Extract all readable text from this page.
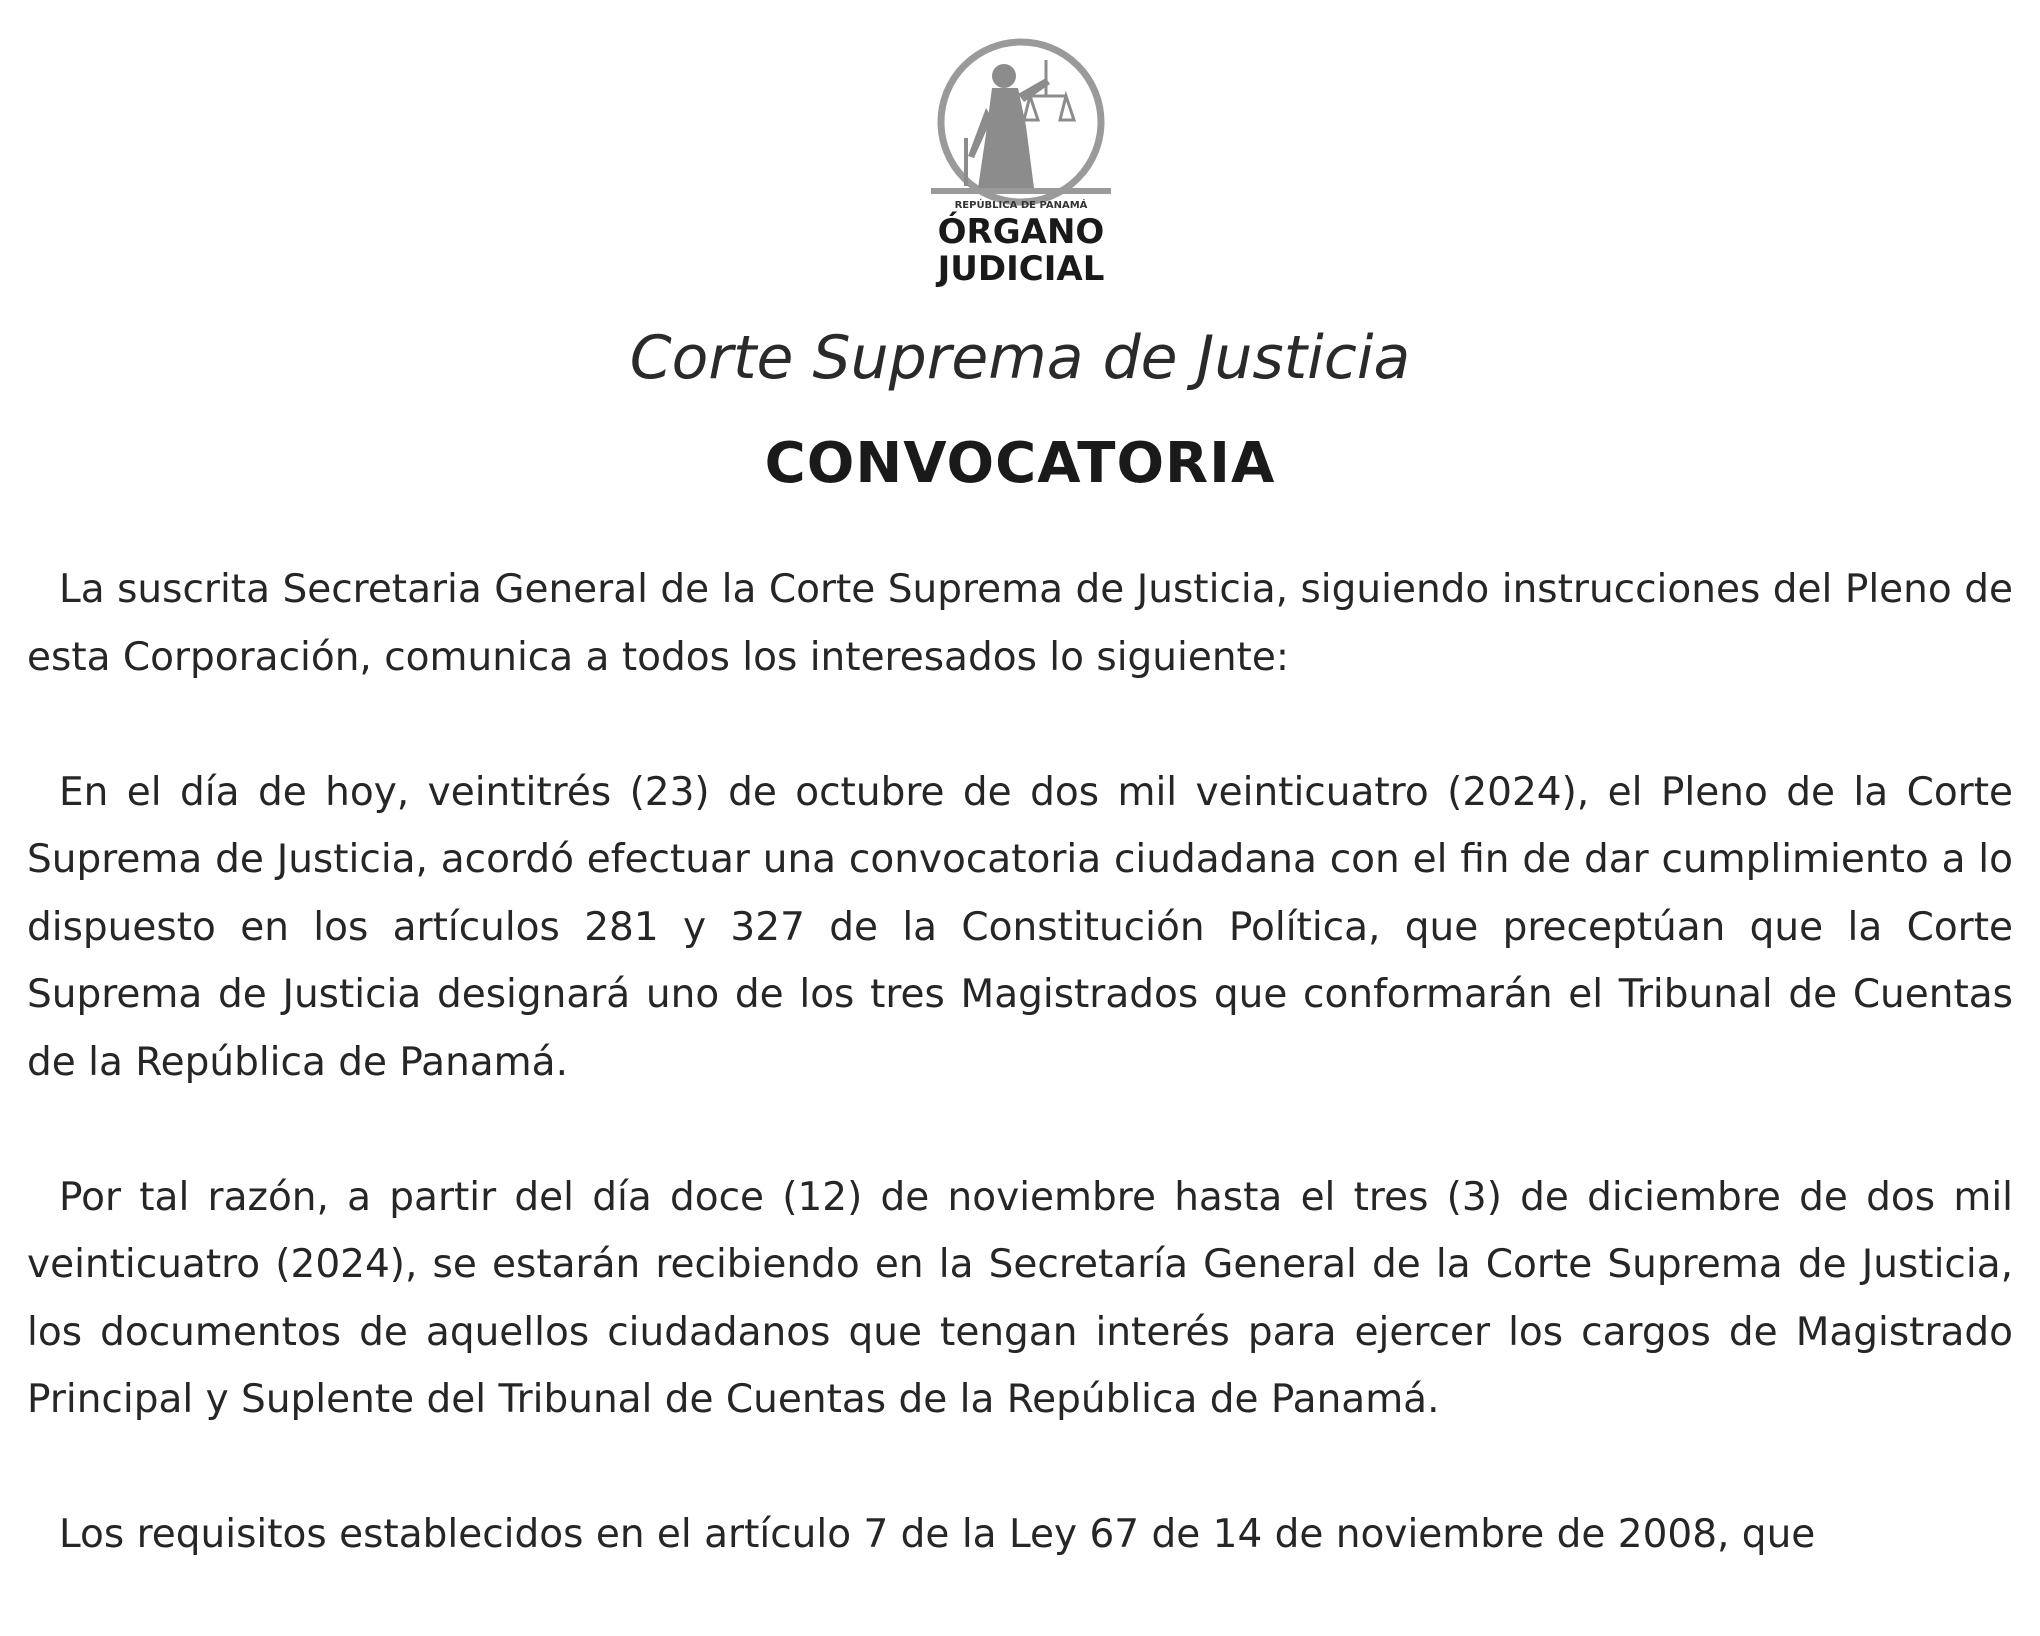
REPÚBLICA DE PANAMÁ
ÓRGANO
JUDICIAL
Corte Suprema de Justicia
CONVOCATORIA

La suscrita Secretaria General de la Corte Suprema de Justicia, siguiendo instrucciones del Pleno de esta Corporación, comunica a todos los interesados lo siguiente:

En el día de hoy, veintitrés (23) de octubre de dos mil veinticuatro (2024), el Pleno de la Corte Suprema de Justicia, acordó efectuar una convocatoria ciudadana con el fin de dar cumplimiento a lo dispuesto en los artículos 281 y 327 de la Constitución Política, que preceptúan que la Corte Suprema de Justicia designará uno de los tres Magistrados que conformarán el Tribunal de Cuentas de la República de Panamá.

Por tal razón, a partir del día doce (12) de noviembre hasta el tres (3) de diciembre de dos mil veinticuatro (2024), se estarán recibiendo en la Secretaría General de la Corte Suprema de Justicia, los documentos de aquellos ciudadanos que tengan interés para ejercer los cargos de Magistrado Principal y Suplente del Tribunal de Cuentas de la República de Panamá.

Los requisitos establecidos en el artículo 7 de la Ley 67 de 14 de noviembre de 2008, que
